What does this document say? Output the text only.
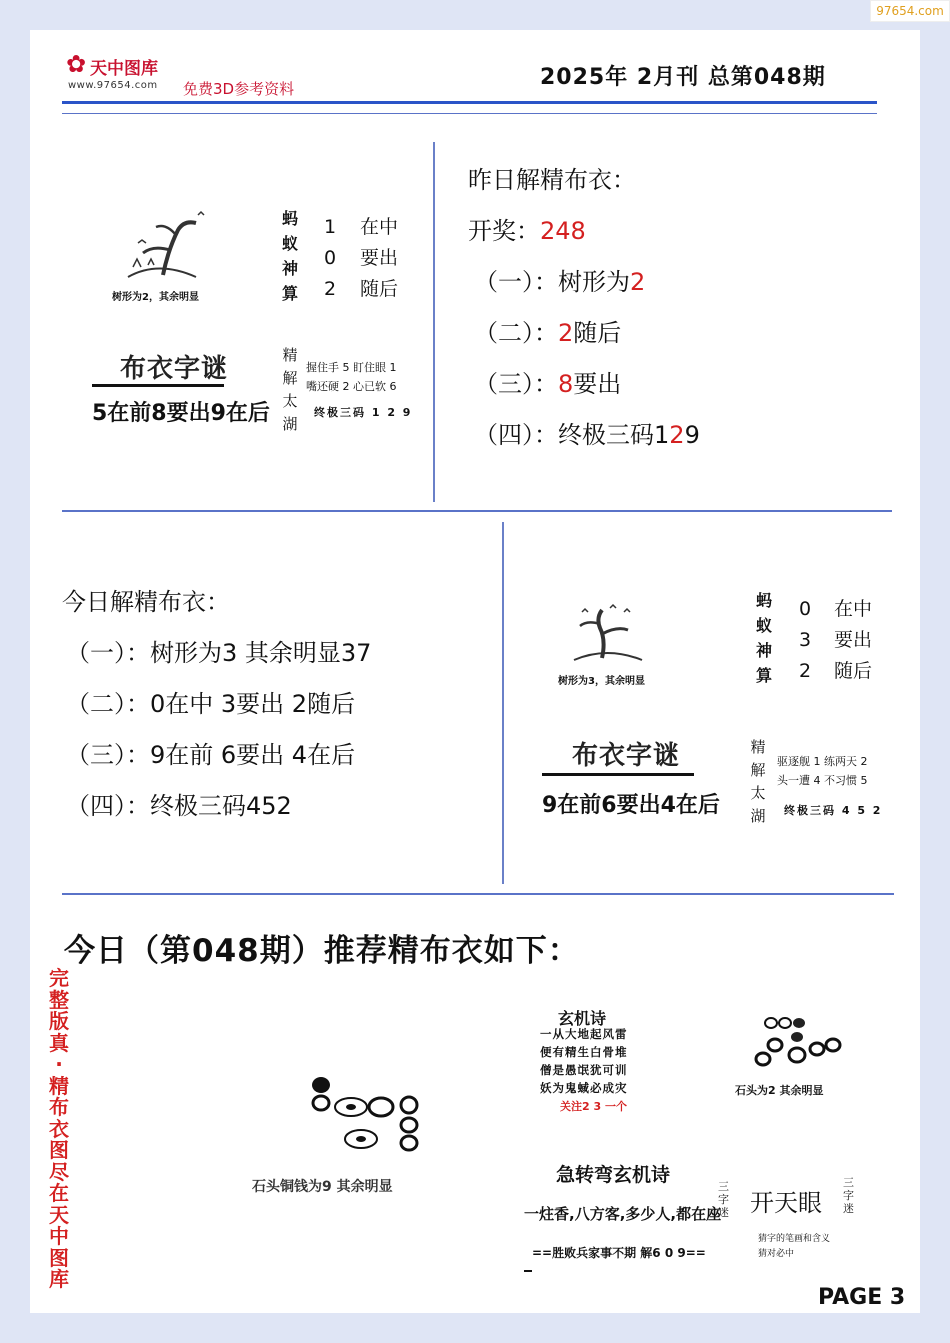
97654.com
✿ 天中图库
www.97654.com 免费3D参考资料	2025年 2月刊 总第048期
树形为2，其余明显
蚂
蚁
神
算
1
0
2
在中
要出
随后
布衣字谜
5在前8要出9在后
精
解
太
湖
握住手 5 盯住眼 1
嘴还硬 2 心已软 6
终极三码 1 2 9
昨日解精布衣：
开奖：248
（一）：树形为2
（二）：2随后
（三）：8要出
（四）：终极三码129
今日解精布衣：
（一）：树形为3 其余明显37
（二）：0在中 3要出 2随后
（三）：9在前 6要出 4在后
（四）：终极三码452
树形为3，其余明显
蚂
蚁
神
算
0
3
2
在中
要出
随后
布衣字谜
9在前6要出4在后
精
解
太
湖
驱逐舰 1 练两天 2
头一遭 4 不习惯 5
终极三码 4 5 2
今日（第048期）推荐精布衣如下：
完整版真·精布衣图尽在天中图库
石头铜钱为9 其余明显
玄机诗
一从大地起风雷
便有精生白骨堆
僧是愚氓犹可训
妖为鬼蜮必成灾
关注2 3 一个
石头为2 其余明显
急转弯玄机诗
一炷香,八方客,多少人,都在座
==胜败兵家事不期 解6 0 9==
三字迷 开天眼
三字迷
猜字的笔画和含义
猜对必中
PAGE 3
